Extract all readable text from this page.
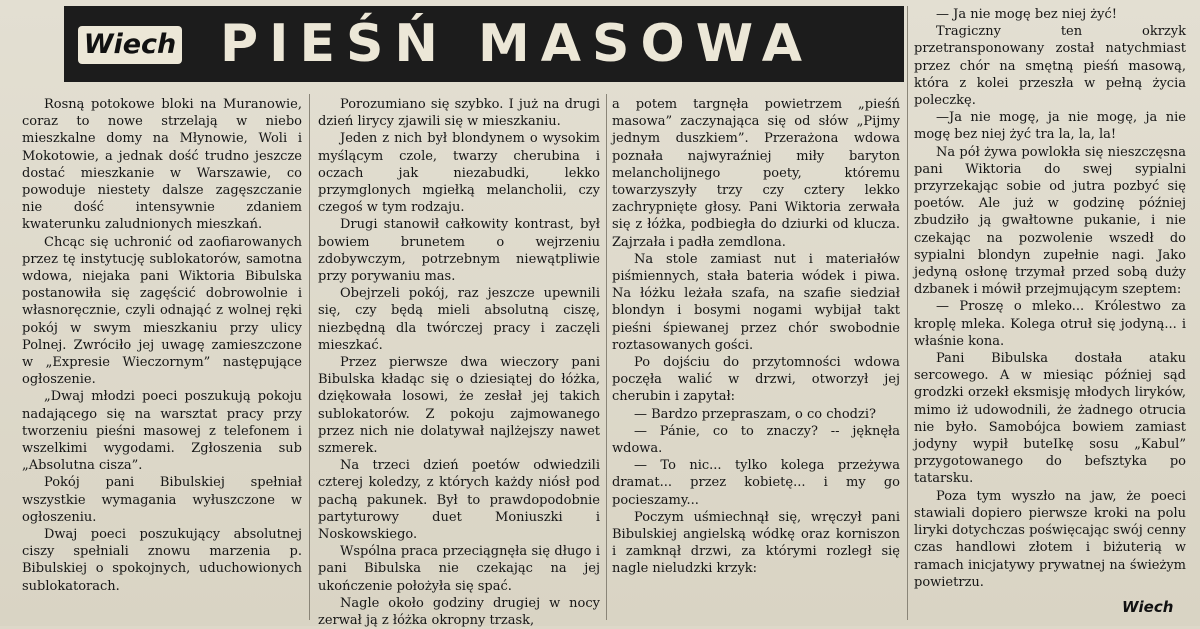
Wiech PIEŚŃ MASOWA

Rosną potokowe bloki na Muranowie, coraz to nowe strzelają w niebo mieszkalne domy na Młynowie, Woli i Mokotowie, a jednak dość trudno jeszcze dostać mieszkanie w Warszawie, co powoduje niestety dalsze zagęszczanie nie dość intensywnie zdaniem kwaterunku zaludnionych mieszkań.

Chcąc się uchronić od zaofiarowanych przez tę instytucję sublokatorów, samotna wdowa, niejaka pani Wiktoria Bibulska postanowiła się zagęścić dobrowolnie i własnoręcznie, czyli odnająć z wolnej ręki pokój w swym mieszkaniu przy ulicy Polnej. Zwróciło jej uwagę zamieszczone w „Expresie Wieczornym” następujące ogłoszenie.

„Dwaj młodzi poeci poszukują pokoju nadającego się na warsztat pracy przy tworzeniu pieśni masowej z telefonem i wszelkimi wygodami. Zgłoszenia sub „Absolutna cisza”.

Pokój pani Bibulskiej spełniał wszystkie wymagania wyłuszczone w ogłoszeniu.

Dwaj poeci poszukujący absolutnej ciszy spełniali znowu marzenia p. Bibulskiej o spokojnych, uduchowionych sublokatorach.

Porozumiano się szybko. I już na drugi dzień lirycy zjawili się w mieszkaniu.

Jeden z nich był blondynem o wysokim myślącym czole, twarzy cherubina i oczach jak niezabudki, lekko przymglonych mgiełką melancholii, czy czegoś w tym rodzaju.

Drugi stanowił całkowity kontrast, był bowiem brunetem o wejrzeniu zdobywczym, potrzebnym niewątpliwie przy porywaniu mas.

Obejrzeli pokój, raz jeszcze upewnili się, czy będą mieli absolutną ciszę, niezbędną dla twórczej pracy i zaczęli mieszkać.

Przez pierwsze dwa wieczory pani Bibulska kładąc się o dziesiątej do łóżka, dziękowała losowi, że zesłał jej takich sublokatorów. Z pokoju zajmowanego przez nich nie dolatywał najlżejszy nawet szmerek.

Na trzeci dzień poetów odwiedzili czterej koledzy, z których każdy niósł pod pachą pakunek. Był to prawdopodobnie partyturowy duet Moniuszki i Noskowskiego.

Wspólna praca przeciągnęła się długo i pani Bibulska nie czekając na jej ukończenie położyła się spać.

Nagle około godziny drugiej w nocy zerwał ją z łóżka okropny trzask,

a potem targnęła powietrzem „pieśń masowa” zaczynająca się od słów „Pijmy jednym duszkiem”. Przerażona wdowa poznała najwyraźniej miły baryton melancholijnego poety, któremu towarzyszyły trzy czy cztery lekko zachrypnięte głosy. Pani Wiktoria zerwała się z łóżka, podbiegła do dziurki od klucza. Zajrzała i padła zemdlona.

Na stole zamiast nut i materiałów piśmiennych, stała bateria wódek i piwa. Na łóżku leżała szafa, na szafie siedział blondyn i bosymi nogami wybijał takt pieśni śpiewanej przez chór swobodnie roztasowanych gości.

Po dojściu do przytomności wdowa poczęła walić w drzwi, otworzył jej cherubin i zapytał:

— Bardzo przepraszam, o co chodzi?

— Pánie, co to znaczy? -- jęknęła wdowa.

— To nic... tylko kolega przeżywa dramat... przez kobietę... i my go pocieszamy...

Poczym uśmiechnął się, wręczył pani Bibulskiej angielską wódkę oraz korniszon i zamknął drzwi, za którymi rozległ się nagle nieludzki krzyk:

— Ja nie mogę bez niej żyć!

Tragiczny ten okrzyk przetransponowany został natychmiast przez chór na smętną pieśń masową, która z kolei przeszła w pełną życia poleczkę.

—Ja nie mogę, ja nie mogę, ja nie mogę bez niej żyć tra la, la, la!

Na pół żywa powlokła się nieszczęsna pani Wiktoria do swej sypialni przyrzekając sobie od jutra pozbyć się poetów. Ale już w godzinę później zbudziło ją gwałtowne pukanie, i nie czekając na pozwolenie wszedł do sypialni blondyn zupełnie nagi. Jako jedyną osłonę trzymał przed sobą duży dzbanek i mówił przejmującym szeptem:

— Proszę o mleko... Królestwo za kroplę mleka. Kolega otruł się jodyną... i właśnie kona.

Pani Bibulska dostała ataku sercowego. A w miesiąc później sąd grodzki orzekł eksmisję młodych liryków, mimo iż udowodnili, że żadnego otrucia nie było. Samobójca bowiem zamiast jodyny wypił buteIkę sosu „Kabul” przygotowanego do befsztyka po tatarsku.

Poza tym wyszło na jaw, że poeci stawiali dopiero pierwsze kroki na polu liryki dotychczas poświęcając swój cenny czas handlowi złotem i biżuterią w ramach inicjatywy prywatnej na świeżym powietrzu.

Wiech
